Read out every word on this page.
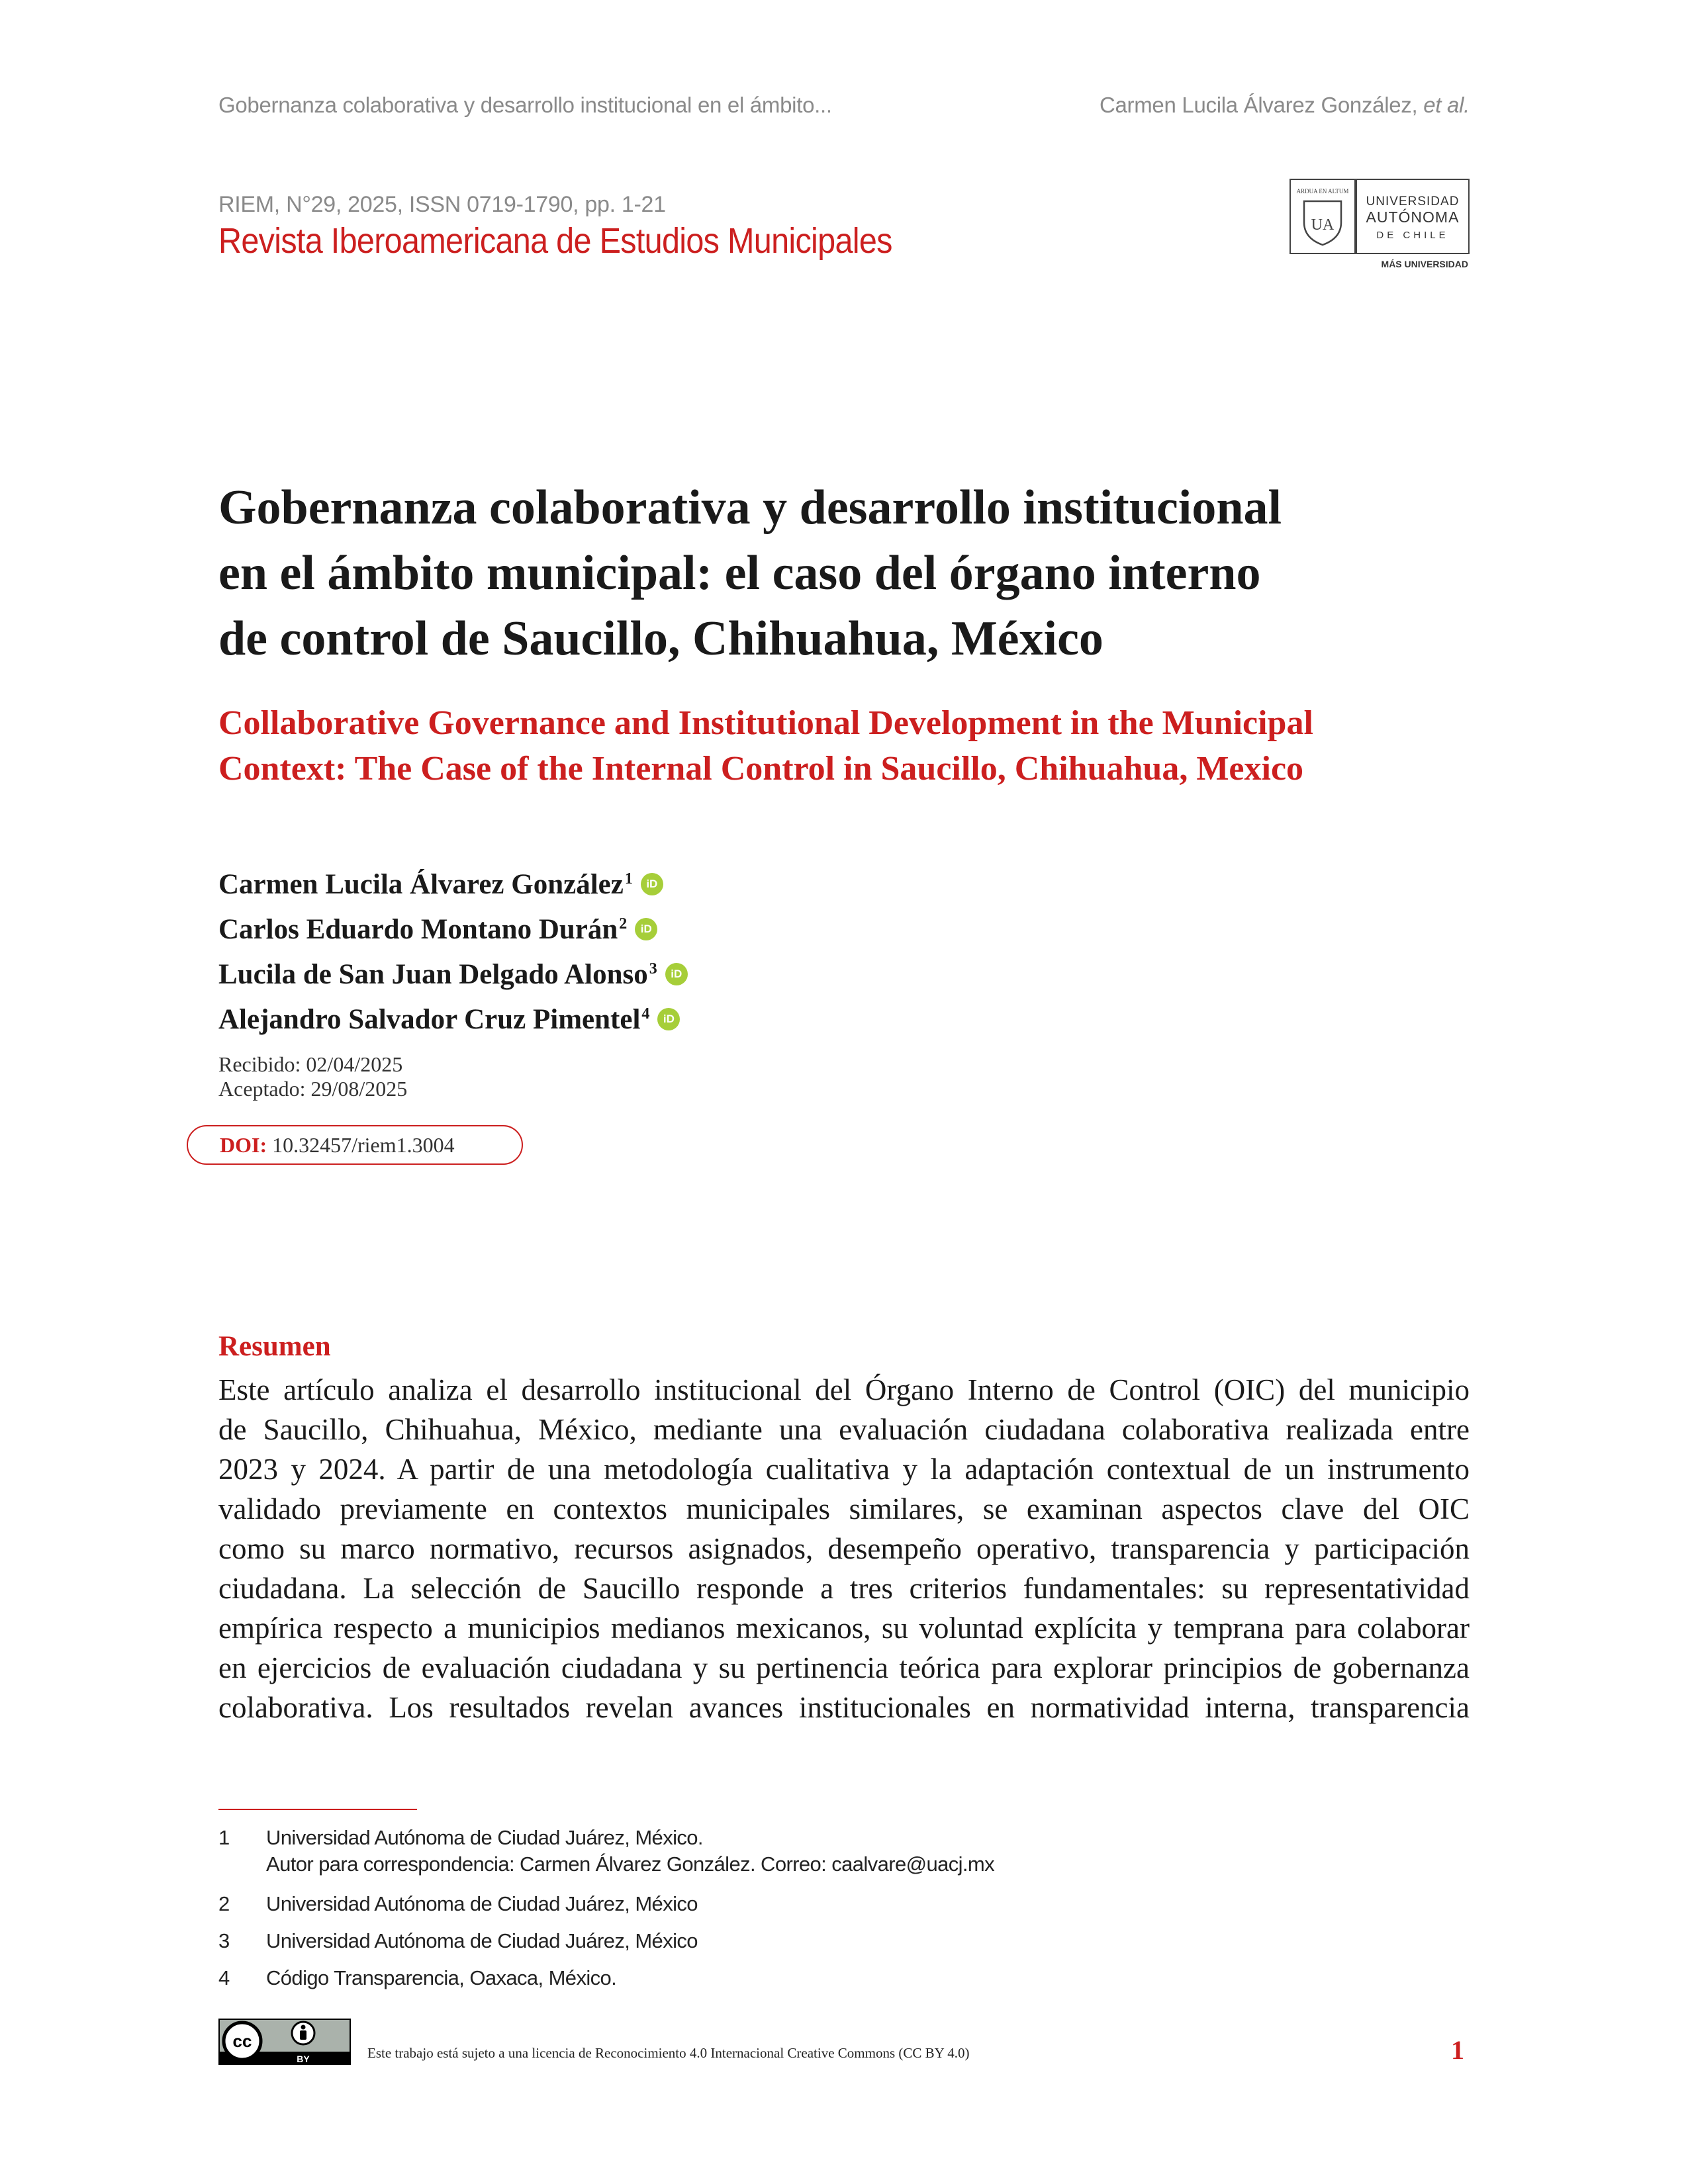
Gobernanza colaborativa y desarrollo institucional en el ámbito...	Carmen Lucila Álvarez González, et al.
RIEM, N°29, 2025, ISSN 0719-1790, pp. 1-21
Revista Iberoamericana de Estudios Municipales
ARDUA EN ALTUM
UA
UNIVERSIDAD
AUTÓNOMA
DE CHILE
MÁS UNIVERSIDAD
Gobernanza colaborativa y desarrollo institucional
en el ámbito municipal: el caso del órgano interno
de control de Saucillo, Chihuahua, México
Collaborative Governance and Institutional Development in the Municipal
Context: The Case of the Internal Control in Saucillo, Chihuahua, Mexico
Carmen Lucila Álvarez González$^1$ iD
Carlos Eduardo Montano Durán$^2$ iD
Lucila de San Juan Delgado Alonso$^3$ iD
Alejandro Salvador Cruz Pimentel$^4$ iD
Recibido: 02/04/2025
Aceptado: 29/08/2025
DOI: 10.32457/riem1.3004
Resumen
Este artículo analiza el desarrollo institucional del Órgano Interno de Control (OIC) del municipio
de Saucillo, Chihuahua, México, mediante una evaluación ciudadana colaborativa realizada entre
2023 y 2024. A partir de una metodología cualitativa y la adaptación contextual de un instrumento
validado previamente en contextos municipales similares, se examinan aspectos clave del OIC
como su marco normativo, recursos asignados, desempeño operativo, transparencia y participación
ciudadana. La selección de Saucillo responde a tres criterios fundamentales: su representatividad
empírica respecto a municipios medianos mexicanos, su voluntad explícita y temprana para colaborar
en ejercicios de evaluación ciudadana y su pertinencia teórica para explorar principios de gobernanza
colaborativa. Los resultados revelan avances institucionales en normatividad interna, transparencia
1 Universidad Autónoma de Ciudad Juárez, México.
Autor para correspondencia: Carmen Álvarez González. Correo: caalvare@uacj.mx
2 Universidad Autónoma de Ciudad Juárez, México
3 Universidad Autónoma de Ciudad Juárez, México
4 Código Transparencia, Oaxaca, México.
cc
BY	Este trabajo está sujeto a una licencia de Reconocimiento 4.0 Internacional Creative Commons (CC BY 4.0)	1
